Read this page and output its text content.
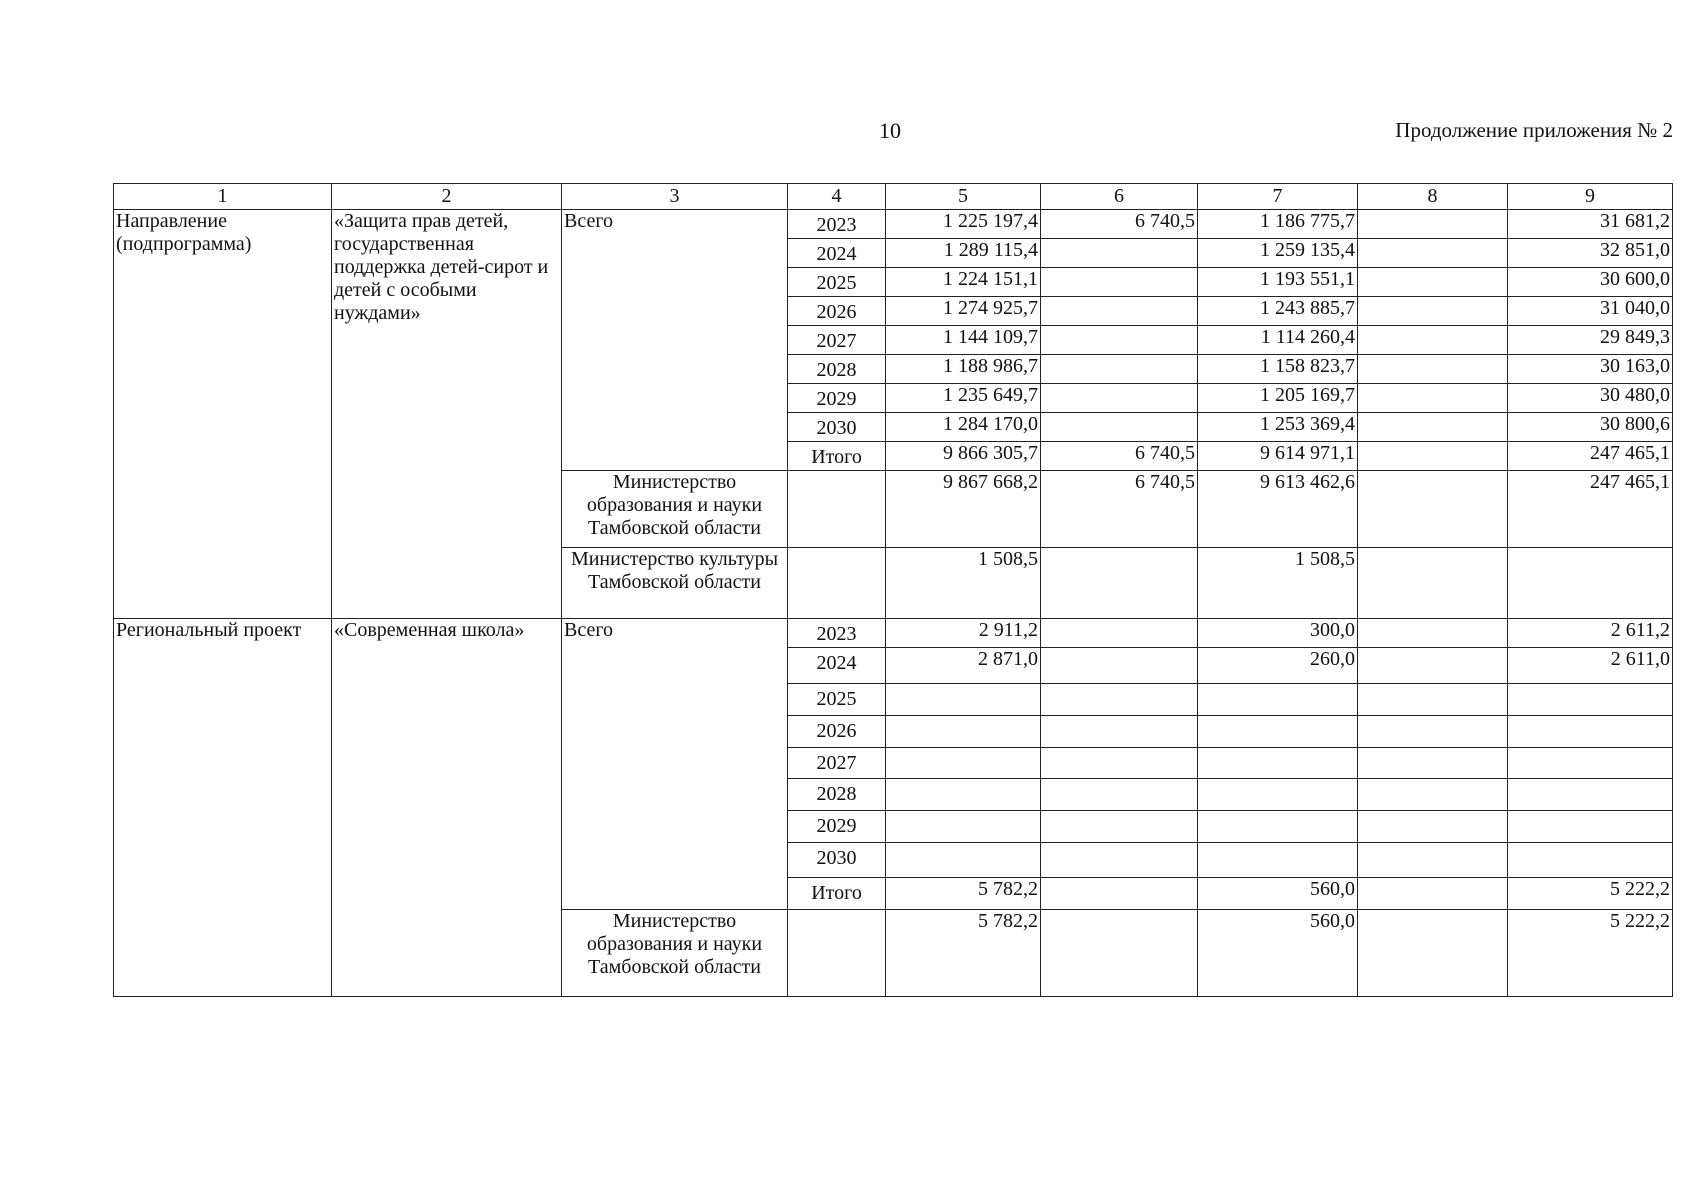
10	Продолжение приложения № 2
1	2	3	4	5	6	7	8	9
Направление (подпрограмма)	«Защита прав детей, государственная поддержка детей-сирот и детей с особыми нуждами»	Всего	2023	1 225 197,4	6 740,5	1 186 775,7		31 681,2
			2024	1 289 115,4		1 259 135,4		32 851,0
			2025	1 224 151,1		1 193 551,1		30 600,0
			2026	1 274 925,7		1 243 885,7		31 040,0
			2027	1 144 109,7		1 114 260,4		29 849,3
			2028	1 188 986,7		1 158 823,7		30 163,0
			2029	1 235 649,7		1 205 169,7		30 480,0
			2030	1 284 170,0		1 253 369,4		30 800,6
			Итого	9 866 305,7	6 740,5	9 614 971,1		247 465,1
		Министерство образования и науки Тамбовской области		9 867 668,2	6 740,5	9 613 462,6		247 465,1
		Министерство культуры Тамбовской области		1 508,5		1 508,5		
Региональный проект	«Современная школа»	Всего	2023	2 911,2		300,0		2 611,2
			2024	2 871,0		260,0		2 611,0
			2025					
			2026					
			2027					
			2028					
			2029					
			2030					
			Итого	5 782,2		560,0		5 222,2
		Министерство образования и науки Тамбовской области		5 782,2		560,0		5 222,2
